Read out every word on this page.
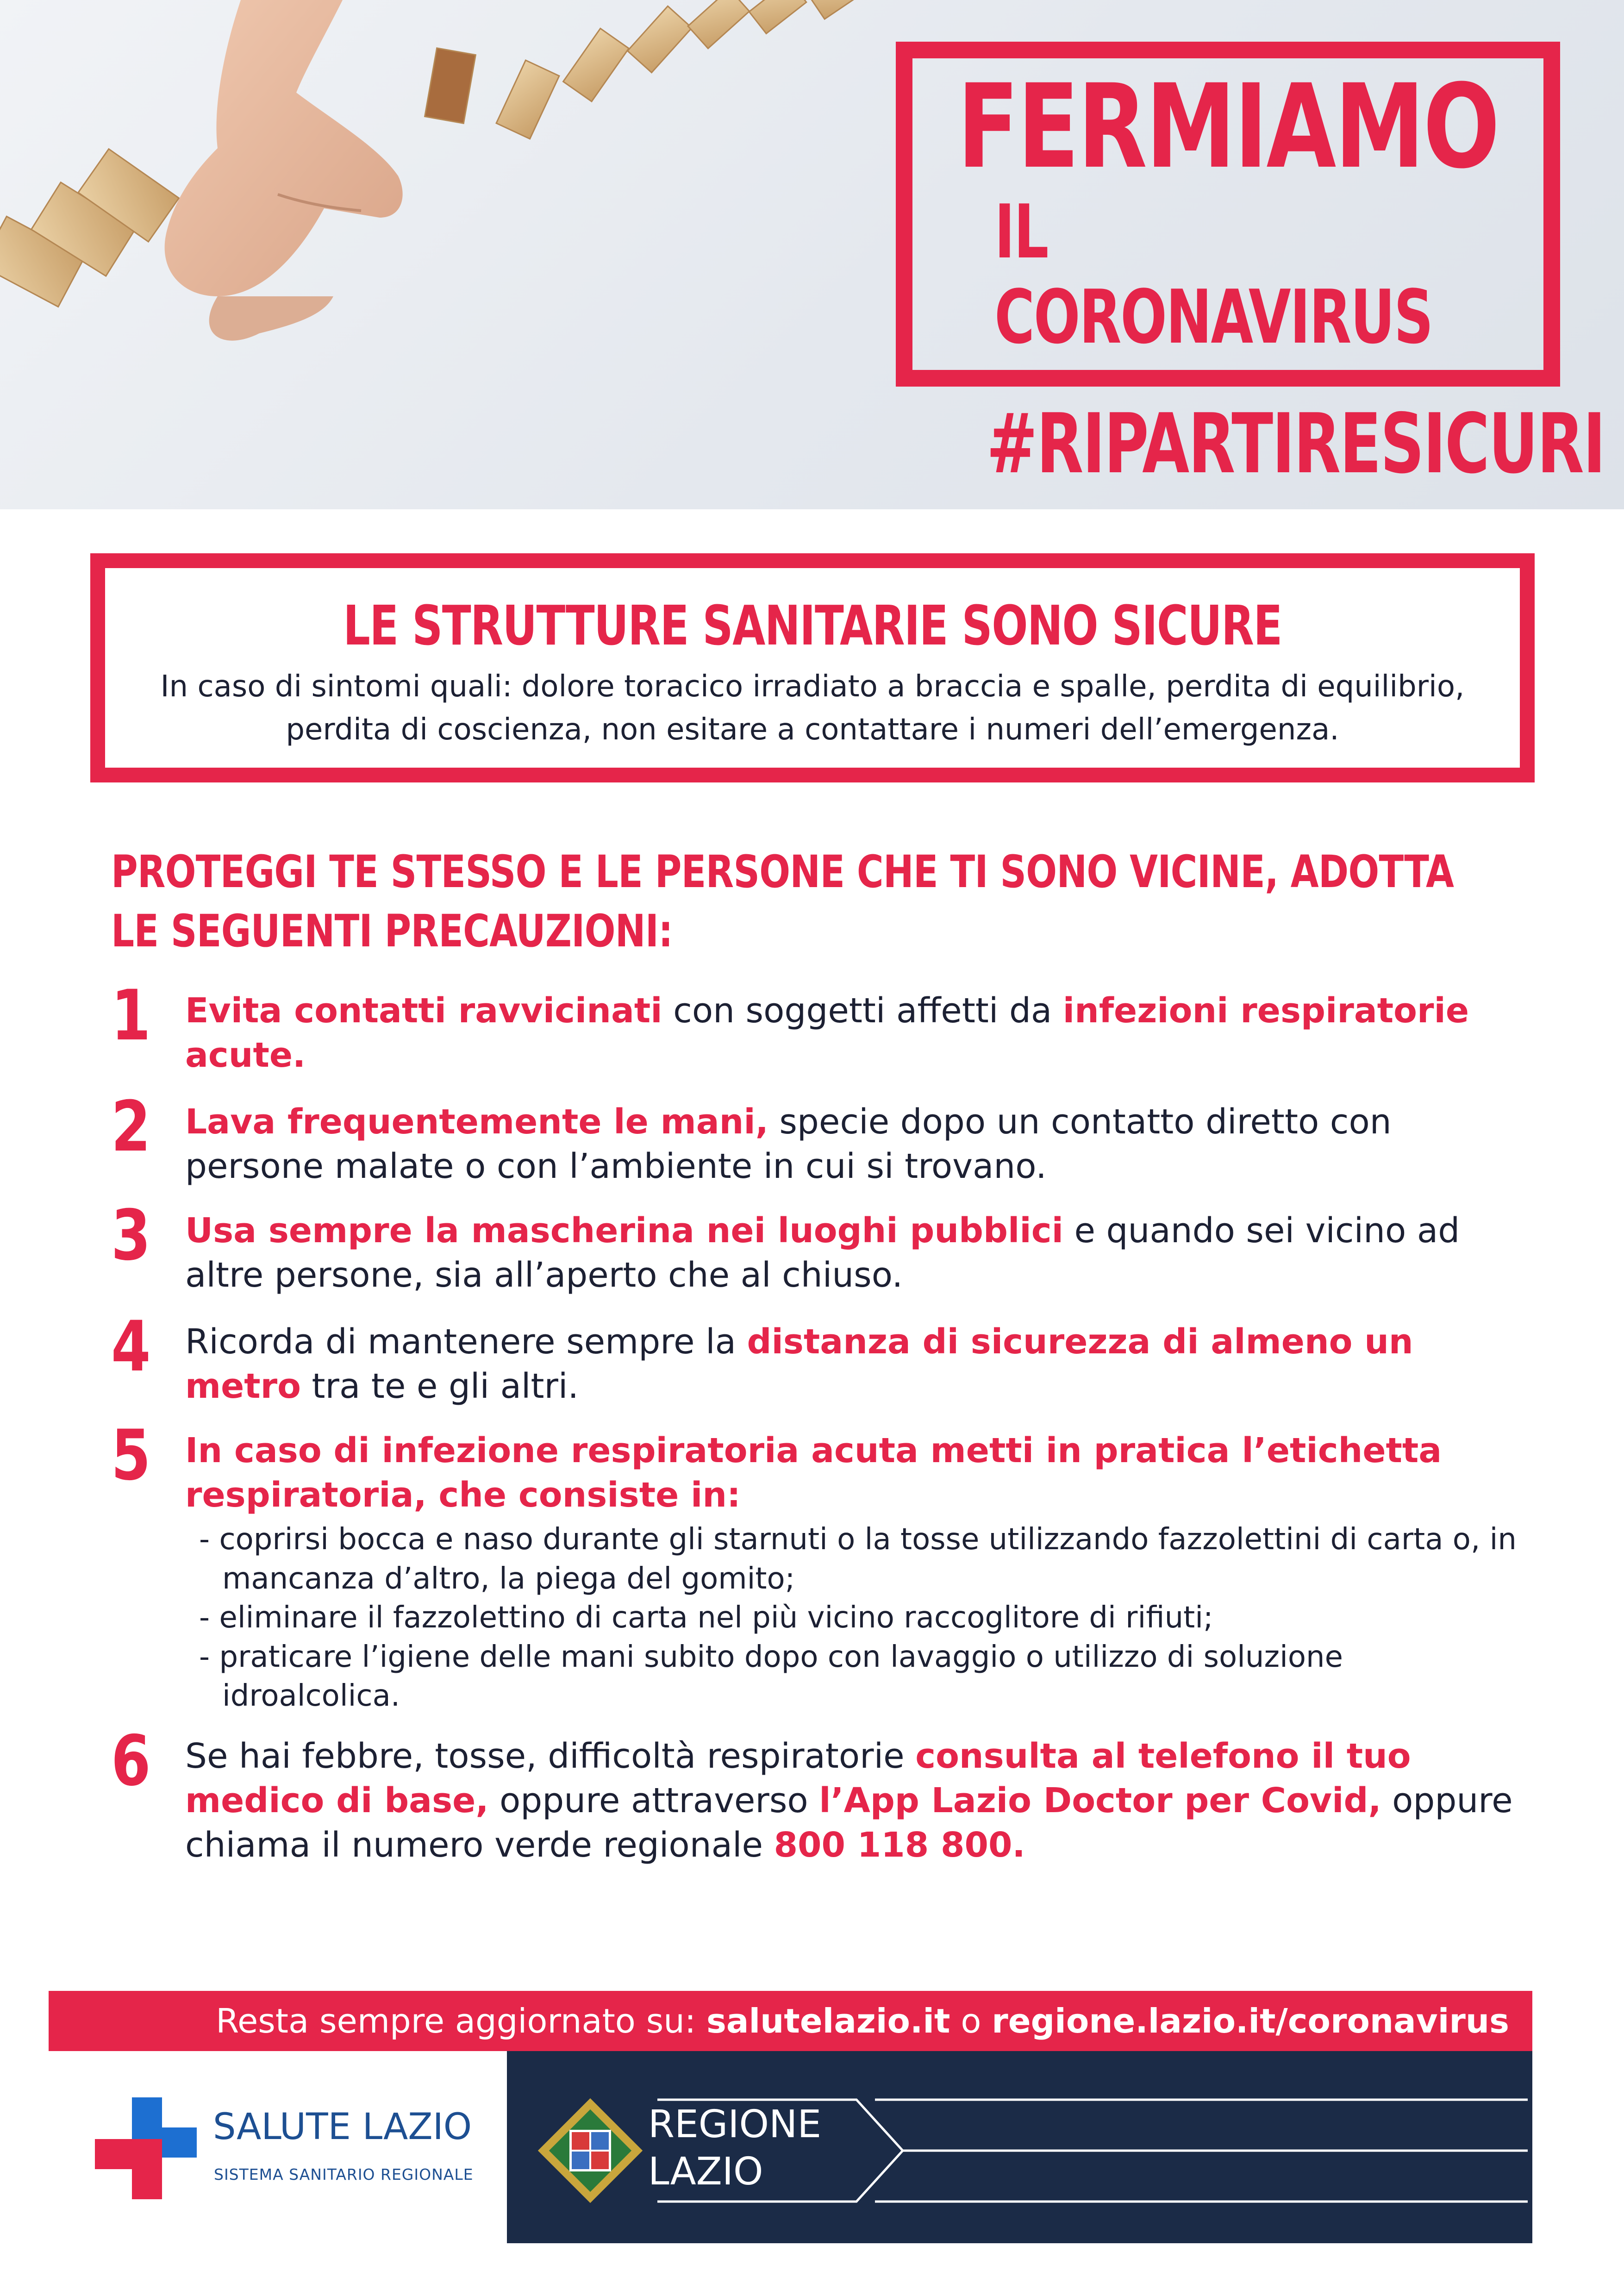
FERMIAMO
IL CORONAVIRUS
#RIPARTIRESICURI
LE STRUTTURE SANITARIE SONO SICURE

In caso di sintomi quali: dolore toracico irradiato a braccia e spalle, perdita di equilibrio, perdita di coscienza, non esitare a contattare i numeri dell’emergenza.

PROTEGGI TE STESSO E LE PERSONE CHE TI SONO VICINE, ADOTTA
LE SEGUENTI PRECAUZIONI:
1 Evita contatti ravvicinati con soggetti affetti da infezioni respiratorie acute.
2 Lava frequentemente le mani, specie dopo un contatto diretto con persone malate o con l’ambiente in cui si trovano.
3 Usa sempre la mascherina nei luoghi pubblici e quando sei vicino ad altre persone, sia all’aperto che al chiuso.
4 Ricorda di mantenere sempre la distanza di sicurezza di almeno un metro tra te e gli altri.
5 In caso di infezione respiratoria acuta metti in pratica l’etichetta respiratoria, che consiste in:
- coprirsi bocca e naso durante gli starnuti o la tosse utilizzando fazzolettini di carta o, in mancanza d’altro, la piega del gomito;
- eliminare il fazzolettino di carta nel più vicino raccoglitore di rifiuti;
- praticare l’igiene delle mani subito dopo con lavaggio o utilizzo di soluzione idroalcolica.
6 Se hai febbre, tosse, difficoltà respiratorie consulta al telefono il tuo medico di base, oppure attraverso l’App Lazio Doctor per Covid, oppure chiama il numero verde regionale 800 118 800.
Resta sempre aggiornato su: salutelazio.it o regione.lazio.it/coronavirus
SALUTE LAZIO
SISTEMA SANITARIO REGIONALE
REGIONE
LAZIO
